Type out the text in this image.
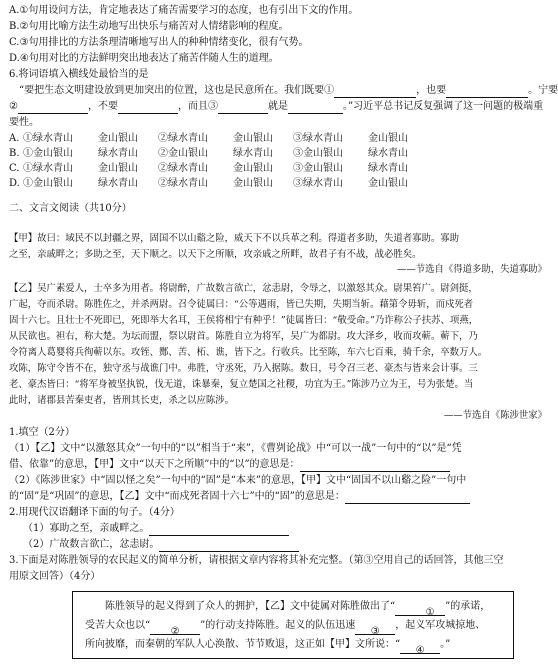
A.①句用设问方法，肯定地表达了痛苦需要学习的态度，也有引出下文的作用。
B.②句用比喻方法生动地写出快乐与痛苦对人情绪影响的程度。
C.③句用排比的方法条理清晰地写出人的种种情绪变化，很有气势。
D.④句用对比的方法鲜明突出地表达了痛苦伴随人生的道理。
6.将词语填入横线处最恰当的是
“要把生态文明建设放到更加突出的位置，这也是民意所在。我们既要①	，也要	。宁要
②	，不要	，而且③	就是	。”习近平总书记反复强调了这一问题的极端重
要性。
A. ①绿水青山	金山银山	②绿水青山	金山银山	③绿水青山	金山银山
B. ①金山银山	绿水青山	②金山银山	绿水青山	③金山银山	绿水青山
C. ①绿水青山	金山银山	②绿水青山	金山银山	③金山银山	绿水青山
D. ①金山银山	绿水青山	②绿水青山	金山银山	③绿水青山	金山银山
二、文言文阅读（共10分）
【甲】故曰：域民不以封疆之界，固国不以山谿之险，威天下不以兵革之利。得道者多助，失道者寡助。寡助
之至，亲戚畔之；多助之至，天下顺之。以天下之所顺，攻亲戚之所畔，故君子有不战，战必胜矣。
——节选自《得道多助，失道寡助》
【乙】吴广素爱人，士卒多为用者。将尉醉，广故数言欲亡，忿恚尉，令辱之，以激怒其众。尉果笞广。尉剑挺，
广起，夺而杀尉。陈胜佐之，并杀两尉。召令徒属曰：“公等遇雨，皆已失期，失期当斩。藉第令毋斩，而戍死者
固十六七。且壮士不死即已，死即举大名耳，王侯将相宁有种乎！”徒属皆曰：“敬受命。”乃诈称公子扶苏、项燕，
从民欲也。袒右，称大楚。为坛而盟，祭以尉首。陈胜自立为将军，吴广为都尉。攻大泽乡，收而攻蕲。蕲下，乃
令符离人葛婴将兵徇蕲以东。攻铚、酂、苦、柘、谯，皆下之。行收兵。比至陈，车六七百乘，骑千余，卒数万人。
攻陈，陈守令皆不在，独守丞与战谯门中。弗胜，守丞死，乃入据陈。数日，号令召三老、豪杰与皆来会计事。三
老、豪杰皆曰：“将军身被坚执锐，伐无道，诛暴秦，复立楚国之社稷，功宜为王。”陈涉乃立为王，号为张楚。当
此时，诸郡县苦秦吏者，皆刑其长吏，杀之以应陈涉。
——节选自《陈涉世家》
1.填空（2分）
（1）【乙】文中“以激怒其众”一句中的“以”相当于“来”，《曹刿论战》中“可以一战”一句中的“以”是“凭
借、依靠”的意思，【甲】文中“以天下之所顺”中的“以”的意思是：
（2）《陈涉世家》中“固以怪之矣”一句中的“固”是“本来”的意思，【甲】文中“固国不以山谿之险”一句中
的“固”是“巩固”的意思，【乙】文中“而戍死者固十六七”中的“固”的意思是：
2.用现代汉语翻译下面的句子。（4分）
（1）寡助之至，亲戚畔之。
（2）广故数言欲亡，忿恚尉。
3.下面是对陈胜领导的农民起义的简单分析，请根据文章内容将其补充完整。（第③空用自己的话回答，其他三空
用原文回答）（4分）

陈胜领导的起义得到了众人的拥护，【乙】文中徒属对陈胜做出了“①”的承诺，

受苦大众也以“②”的行动支持陈胜。起义的队伍迅速③，起义军攻城掠地、

所向披靡，而秦朝的军队人心涣散、节节败退，这正如【甲】文所说：“④。”
